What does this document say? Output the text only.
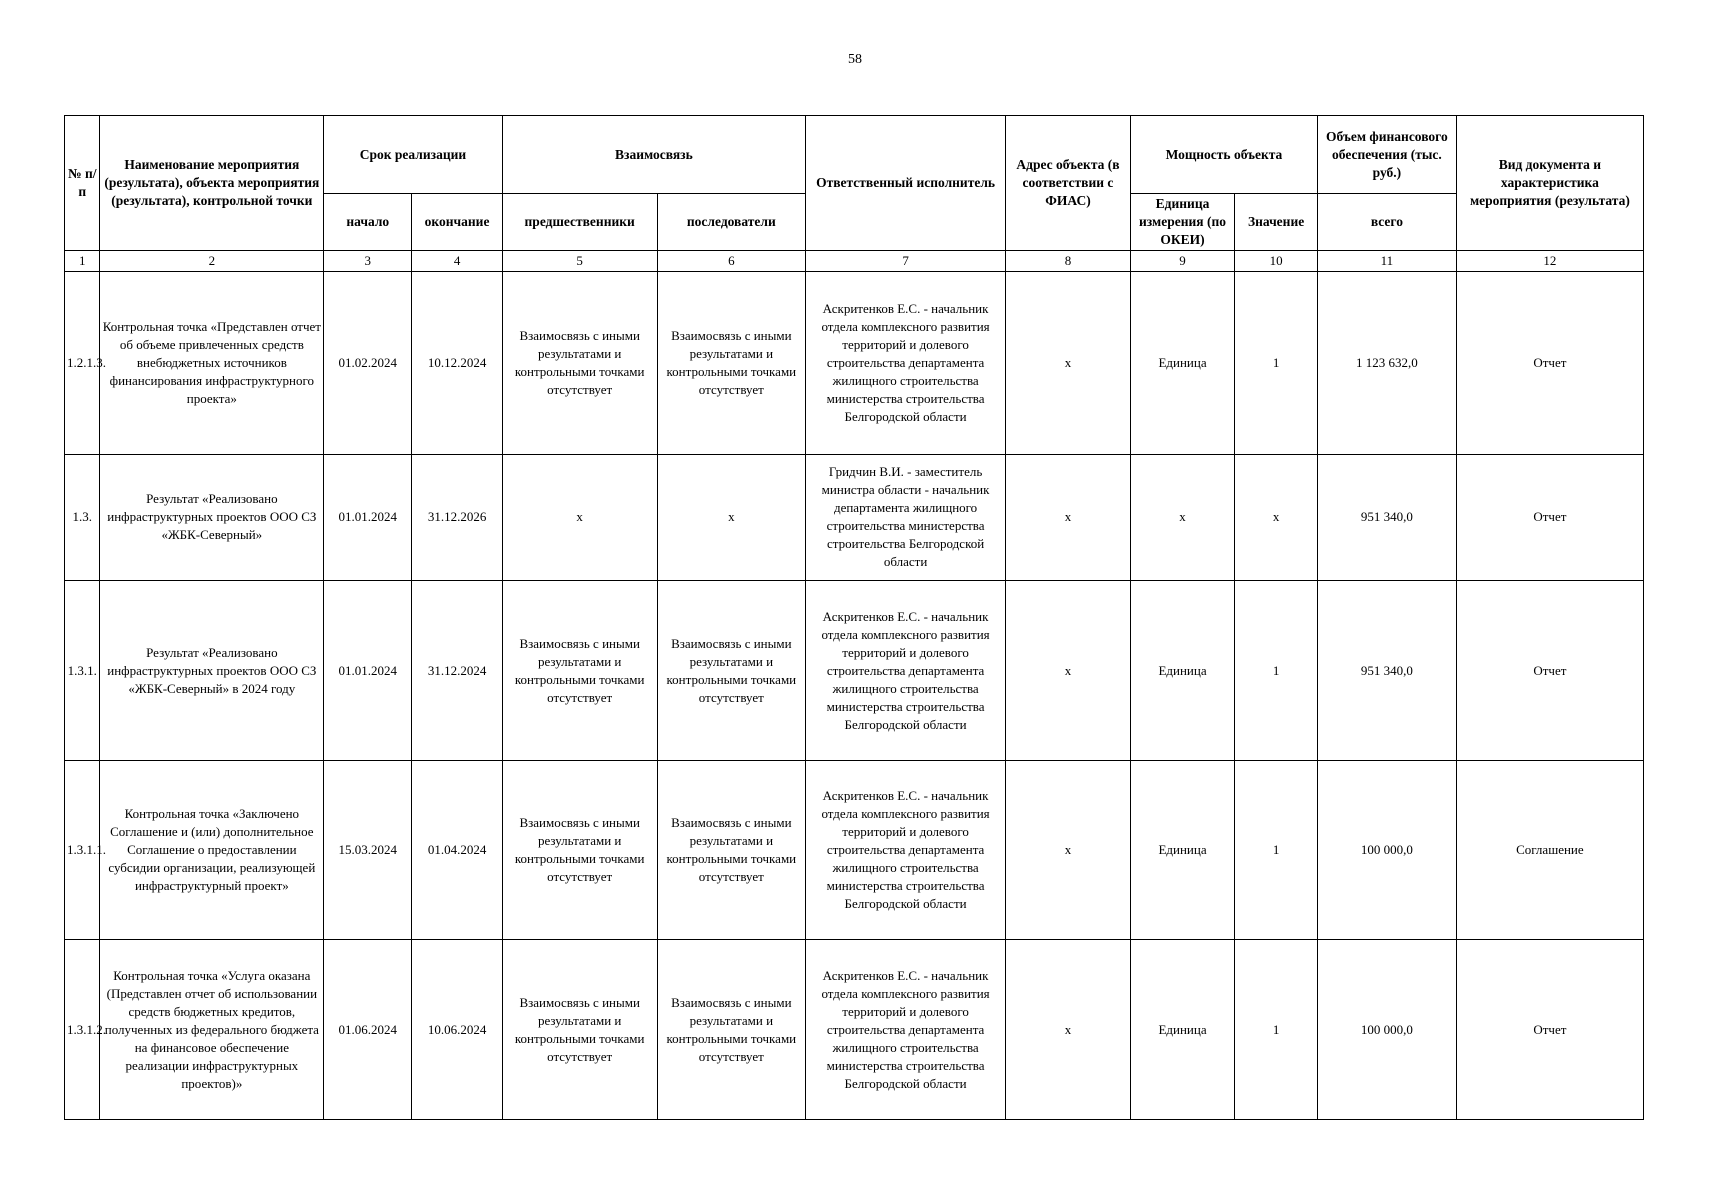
58
№ п/п	Наименование мероприятия (результата), объекта мероприятия (результата), контрольной точки	Срок реализации		Взаимосвязь		Ответственный исполнитель	Адрес объекта (в соответствии с ФИАС)	Мощность объекта		Объем финансового обеспечения (тыс. руб.)	Вид документа и характеристика мероприятия (результата)
		начало	окончание	предшественники	последователи			Единица измерения (по ОКЕИ)	Значение	всего	
1	2	3	4	5	6	7	8	9	10	11	12
1.2.1.3.	Контрольная точка «Представлен отчет об объеме привлеченных средств внебюджетных источников финансирования инфраструктурного проекта»	01.02.2024	10.12.2024	Взаимосвязь с иными результатами и контрольными точками отсутствует	Взаимосвязь с иными результатами и контрольными точками отсутствует	Аскритенков Е.С. - начальник отдела комплексного развития территорий и долевого строительства департамента жилищного строительства министерства строительства Белгородской области	x	Единица	1	1 123 632,0	Отчет
1.3.	Результат «Реализовано инфраструктурных проектов ООО СЗ «ЖБК-Северный»	01.01.2024	31.12.2026	x	x	Гридчин В.И. - заместитель министра области - начальник департамента жилищного строительства министерства строительства Белгородской области	x	x	x	951 340,0	Отчет
1.3.1.	Результат «Реализовано инфраструктурных проектов ООО СЗ «ЖБК-Северный» в 2024 году	01.01.2024	31.12.2024	Взаимосвязь с иными результатами и контрольными точками отсутствует	Взаимосвязь с иными результатами и контрольными точками отсутствует	Аскритенков Е.С. - начальник отдела комплексного развития территорий и долевого строительства департамента жилищного строительства министерства строительства Белгородской области	x	Единица	1	951 340,0	Отчет
1.3.1.1.	Контрольная точка «Заключено Соглашение и (или) дополнительное Соглашение о предоставлении субсидии организации, реализующей инфраструктурный проект»	15.03.2024	01.04.2024	Взаимосвязь с иными результатами и контрольными точками отсутствует	Взаимосвязь с иными результатами и контрольными точками отсутствует	Аскритенков Е.С. - начальник отдела комплексного развития территорий и долевого строительства департамента жилищного строительства министерства строительства Белгородской области	x	Единица	1	100 000,0	Соглашение
1.3.1.2.	Контрольная точка «Услуга оказана (Представлен отчет об использовании средств бюджетных кредитов, полученных из федерального бюджета на финансовое обеспечение реализации инфраструктурных проектов)»	01.06.2024	10.06.2024	Взаимосвязь с иными результатами и контрольными точками отсутствует	Взаимосвязь с иными результатами и контрольными точками отсутствует	Аскритенков Е.С. - начальник отдела комплексного развития территорий и долевого строительства департамента жилищного строительства министерства строительства Белгородской области	x	Единица	1	100 000,0	Отчет
